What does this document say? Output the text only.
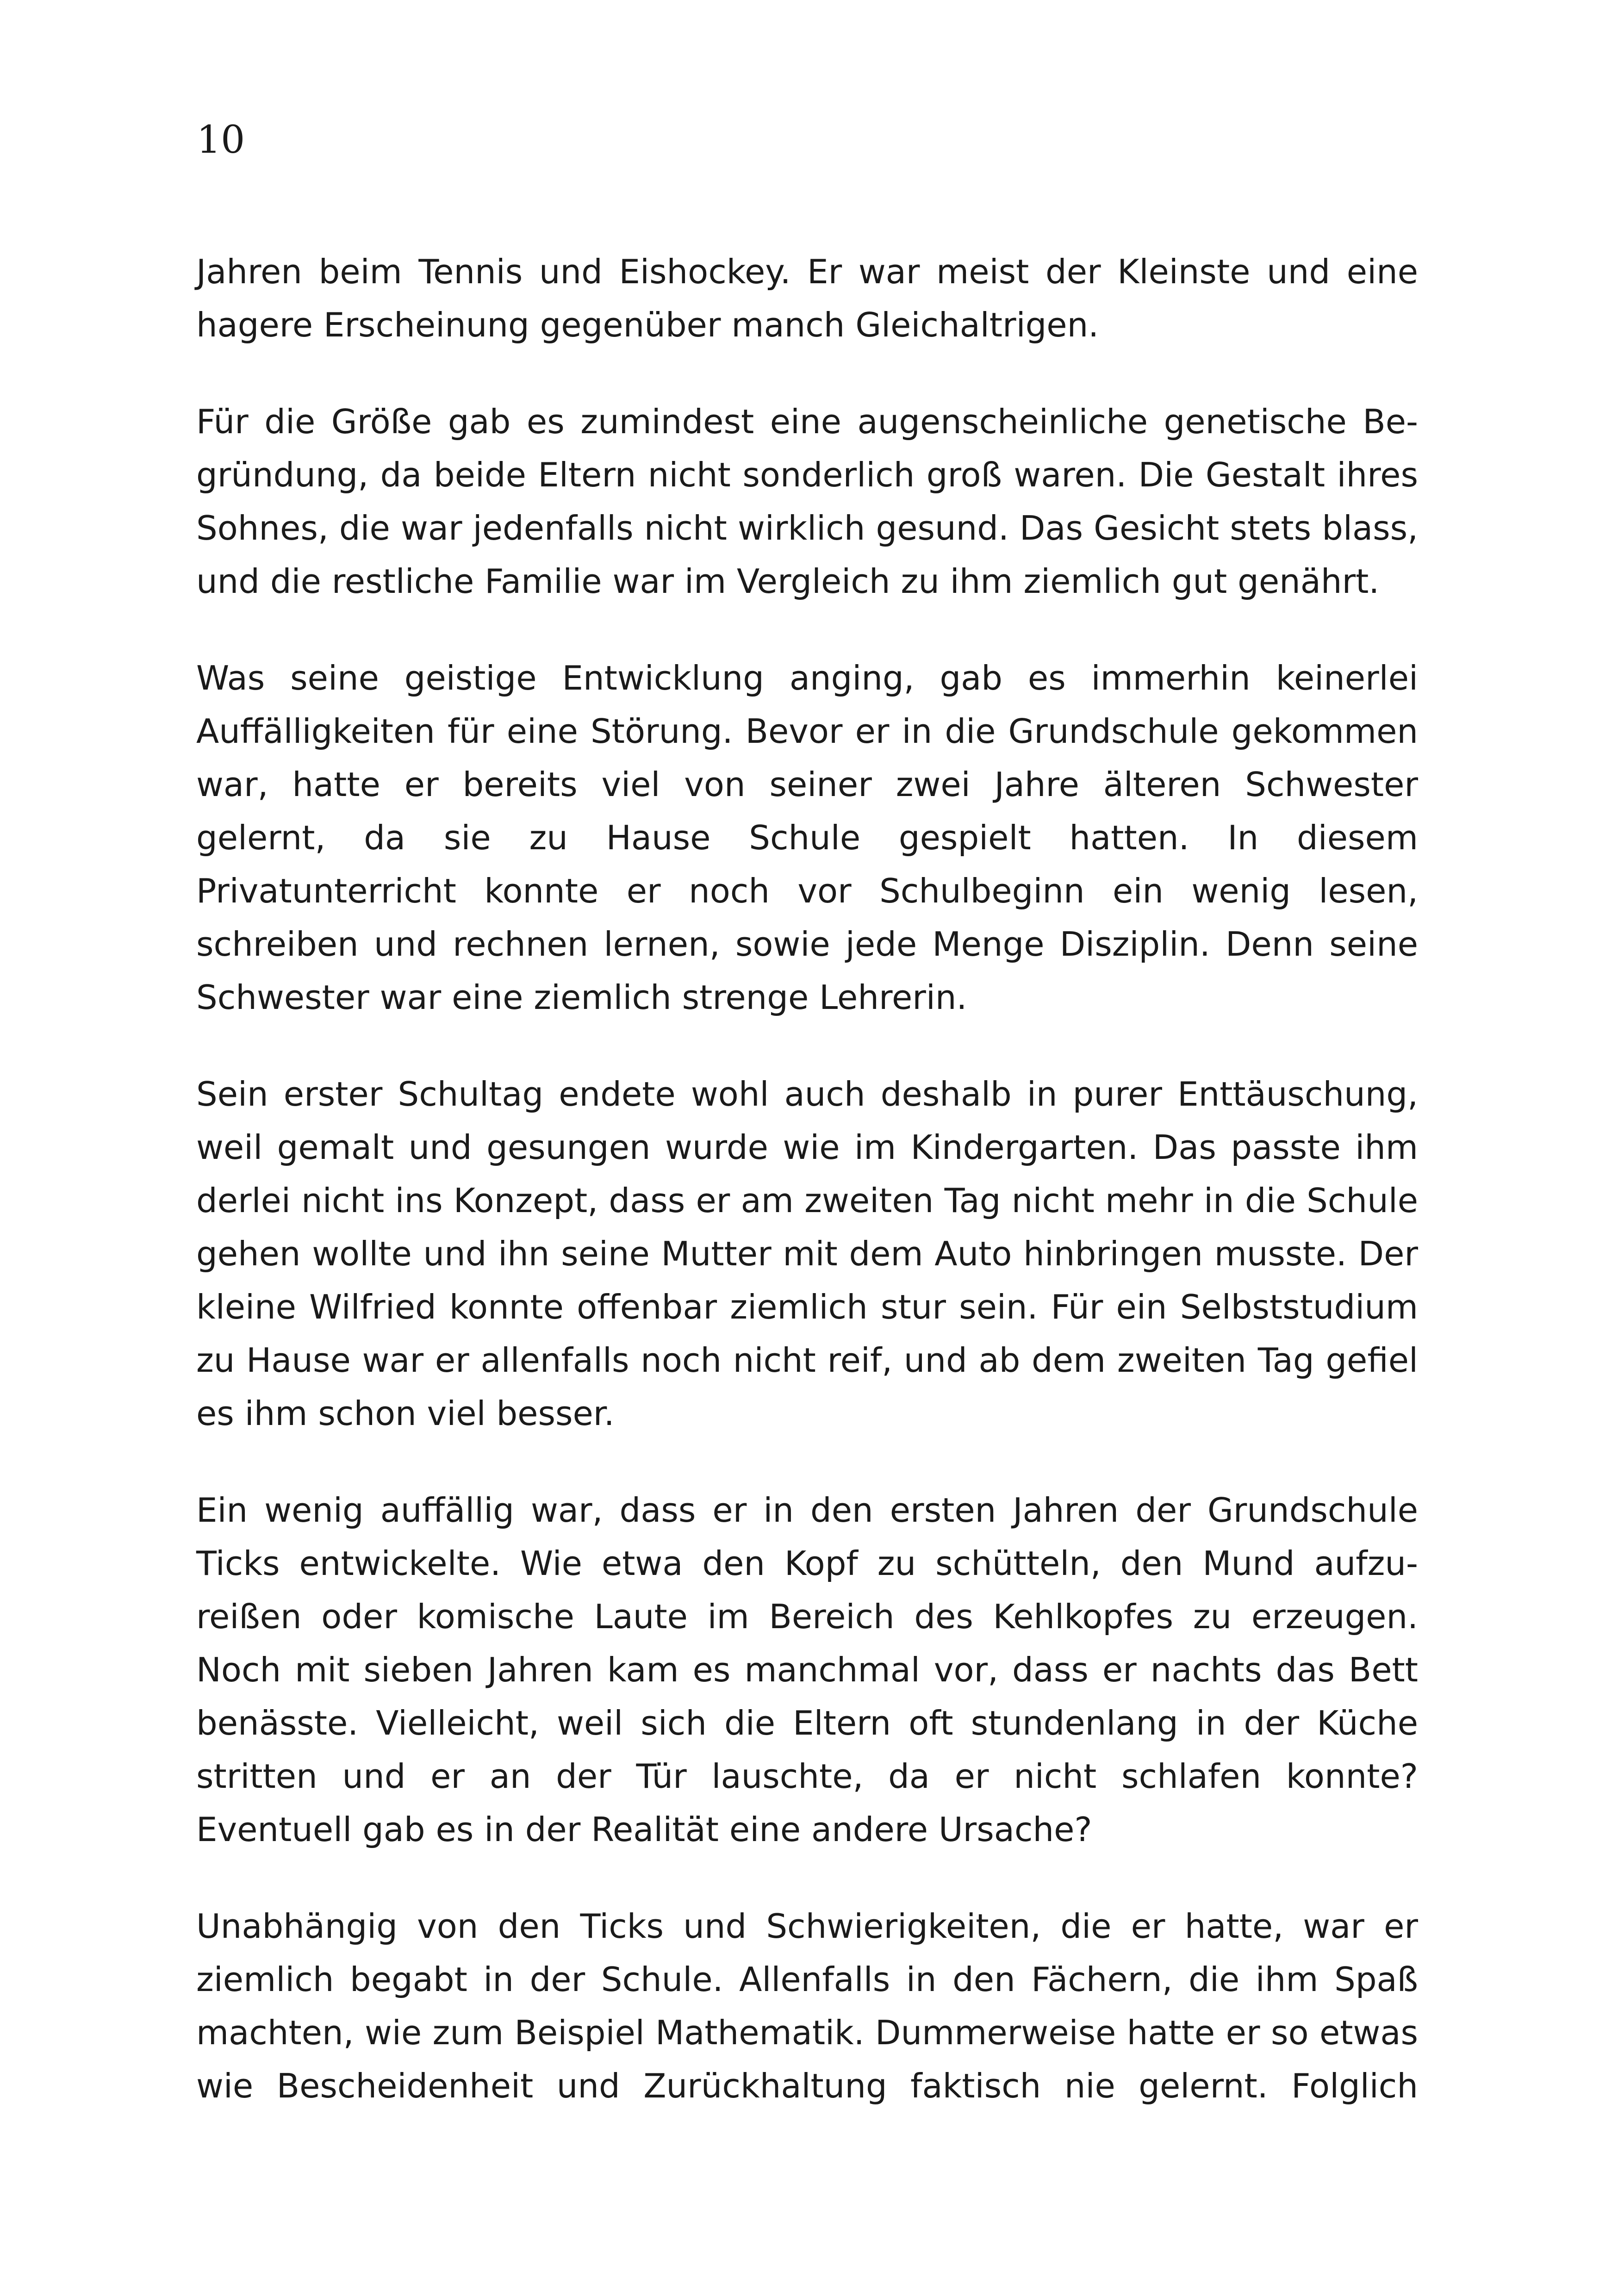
10

Jahren beim Tennis und Eishockey. Er war meist der Kleinste und eine hagere Erscheinung gegenüber manch Gleichaltrigen.

Für die Größe gab es zumindest eine augenscheinliche genetische Begründung, da beide Eltern nicht sonderlich groß waren. Die Gestalt ihres Sohnes, die war jedenfalls nicht wirklich gesund. Das Gesicht stets blass, und die restliche Familie war im Vergleich zu ihm ziemlich gut genährt.

Was seine geistige Entwicklung anging, gab es immerhin keinerlei Auffälligkeiten für eine Störung. Bevor er in die Grundschule gekommen war, hatte er bereits viel von seiner zwei Jahre älteren Schwester gelernt, da sie zu Hause Schule gespielt hatten. In diesem Privatunterricht konnte er noch vor Schulbeginn ein wenig lesen, schreiben und rechnen lernen, sowie jede Menge Disziplin. Denn seine Schwester war eine ziemlich strenge Lehrerin.

Sein erster Schultag endete wohl auch deshalb in purer Enttäuschung, weil gemalt und gesungen wurde wie im Kindergarten. Das passte ihm derlei nicht ins Konzept, dass er am zweiten Tag nicht mehr in die Schule gehen wollte und ihn seine Mutter mit dem Auto hinbringen musste. Der kleine Wilfried konnte offenbar ziemlich stur sein. Für ein Selbststudium zu Hause war er allenfalls noch nicht reif, und ab dem zweiten Tag gefiel es ihm schon viel besser.

Ein wenig auffällig war, dass er in den ersten Jahren der Grundschule Ticks entwickelte. Wie etwa den Kopf zu schütteln, den Mund aufzureißen oder komische Laute im Bereich des Kehlkopfes zu erzeugen. Noch mit sieben Jahren kam es manchmal vor, dass er nachts das Bett benässte. Vielleicht, weil sich die Eltern oft stundenlang in der Küche stritten und er an der Tür lauschte, da er nicht schlafen konnte? Eventuell gab es in der Realität eine andere Ursache?

Unabhängig von den Ticks und Schwierigkeiten, die er hatte, war er ziemlich begabt in der Schule. Allenfalls in den Fächern, die ihm Spaß machten, wie zum Beispiel Mathematik. Dummerweise hatte er so etwas wie Bescheidenheit und Zurückhaltung faktisch nie gelernt. Folglich
